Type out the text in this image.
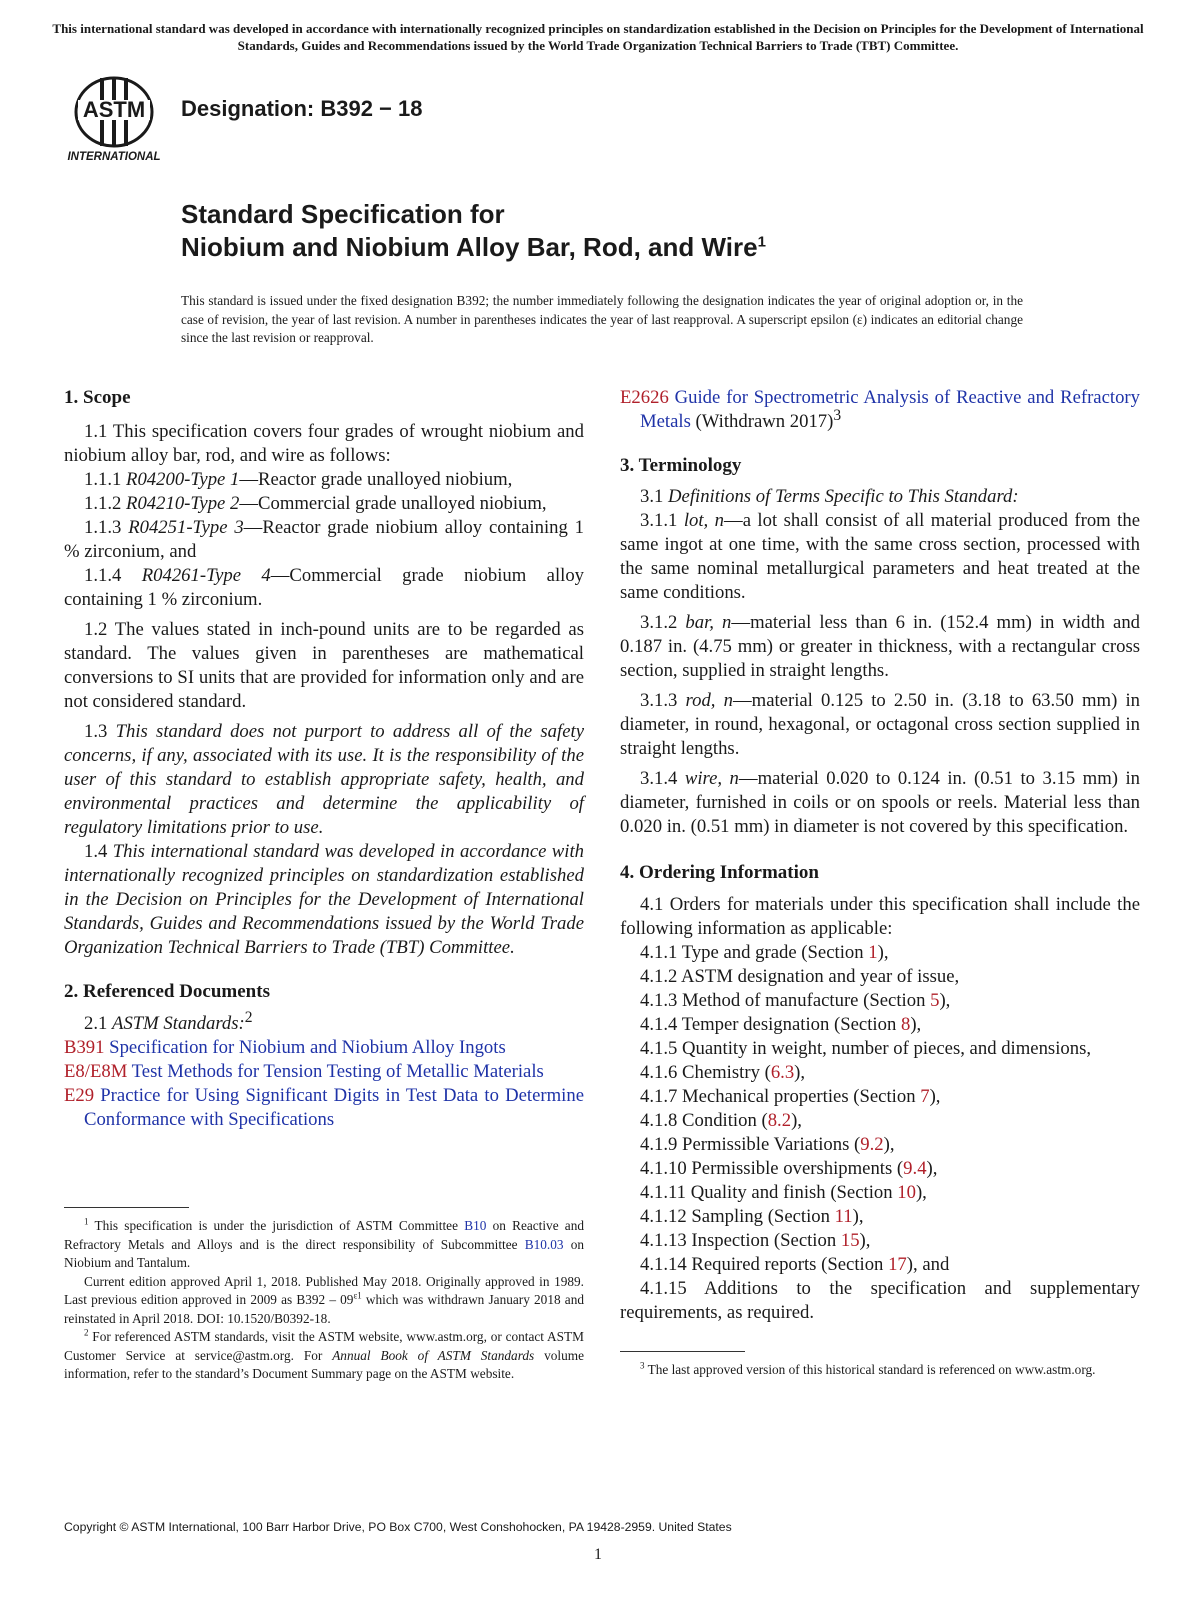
This international standard was developed in accordance with internationally recognized principles on standardization established in the Decision on Principles for the Development of International Standards, Guides and Recommendations issued by the World Trade Organization Technical Barriers to Trade (TBT) Committee.
ASTM
INTERNATIONAL
Designation: B392 − 18
Standard Specification for
Niobium and Niobium Alloy Bar, Rod, and Wire$^1$
This standard is issued under the fixed designation B392; the number immediately following the designation indicates the year of original adoption or, in the case of revision, the year of last revision. A number in parentheses indicates the year of last reapproval. A superscript epsilon (ε) indicates an editorial change since the last revision or reapproval.

1. Scope

1.1 This specification covers four grades of wrought niobium and niobium alloy bar, rod, and wire as follows:

1.1.1 R04200-Type 1—Reactor grade unalloyed niobium,

1.1.2 R04210-Type 2—Commercial grade unalloyed niobium,

1.1.3 R04251-Type 3—Reactor grade niobium alloy containing 1 % zirconium, and

1.1.4 R04261-Type 4—Commercial grade niobium alloy containing 1 % zirconium.

1.2 The values stated in inch-pound units are to be regarded as standard. The values given in parentheses are mathematical conversions to SI units that are provided for information only and are not considered standard.

1.3 This standard does not purport to address all of the safety concerns, if any, associated with its use. It is the responsibility of the user of this standard to establish appropriate safety, health, and environmental practices and determine the applicability of regulatory limitations prior to use.

1.4 This international standard was developed in accordance with internationally recognized principles on standardization established in the Decision on Principles for the Development of International Standards, Guides and Recommendations issued by the World Trade Organization Technical Barriers to Trade (TBT) Committee.

2. Referenced Documents

2.1 ASTM Standards:$^2$

B391 Specification for Niobium and Niobium Alloy Ingots

E8/E8M Test Methods for Tension Testing of Metallic Materials

E29 Practice for Using Significant Digits in Test Data to Determine Conformance with Specifications

$^1$ This specification is under the jurisdiction of ASTM Committee B10 on Reactive and Refractory Metals and Alloys and is the direct responsibility of Subcommittee B10.03 on Niobium and Tantalum.

Current edition approved April 1, 2018. Published May 2018. Originally approved in 1989. Last previous edition approved in 2009 as $B392 - 09^{\varepsilon 1}$ which was withdrawn January 2018 and reinstated in April 2018. DOI: 10.1520/B0392-18.

$^2$ For referenced ASTM standards, visit the ASTM website, www.astm.org, or contact ASTM Customer Service at service@astm.org. For Annual Book of ASTM Standards volume information, refer to the standard’s Document Summary page on the ASTM website.

E2626 Guide for Spectrometric Analysis of Reactive and Refractory Metals (Withdrawn 2017)$^3$

3. Terminology

3.1 Definitions of Terms Specific to This Standard:

3.1.1 lot, n—a lot shall consist of all material produced from the same ingot at one time, with the same cross section, processed with the same nominal metallurgical parameters and heat treated at the same conditions.

3.1.2 bar, n—material less than 6 in. (152.4 mm) in width and 0.187 in. (4.75 mm) or greater in thickness, with a rectangular cross section, supplied in straight lengths.

3.1.3 rod, n—material 0.125 to 2.50 in. (3.18 to 63.50 mm) in diameter, in round, hexagonal, or octagonal cross section supplied in straight lengths.

3.1.4 wire, n—material 0.020 to 0.124 in. (0.51 to 3.15 mm) in diameter, furnished in coils or on spools or reels. Material less than 0.020 in. (0.51 mm) in diameter is not covered by this specification.

4. Ordering Information

4.1 Orders for materials under this specification shall include the following information as applicable:

4.1.1 Type and grade (Section 1),

4.1.2 ASTM designation and year of issue,

4.1.3 Method of manufacture (Section 5),

4.1.4 Temper designation (Section 8),

4.1.5 Quantity in weight, number of pieces, and dimensions,

4.1.6 Chemistry (6.3),

4.1.7 Mechanical properties (Section 7),

4.1.8 Condition (8.2),

4.1.9 Permissible Variations (9.2),

4.1.10 Permissible overshipments (9.4),

4.1.11 Quality and finish (Section 10),

4.1.12 Sampling (Section 11),

4.1.13 Inspection (Section 15),

4.1.14 Required reports (Section 17), and

4.1.15 Additions to the specification and supplementary requirements, as required.

$^3$ The last approved version of this historical standard is referenced on www.astm.org.

Copyright © ASTM International, 100 Barr Harbor Drive, PO Box C700, West Conshohocken, PA 19428-2959. United States
1
